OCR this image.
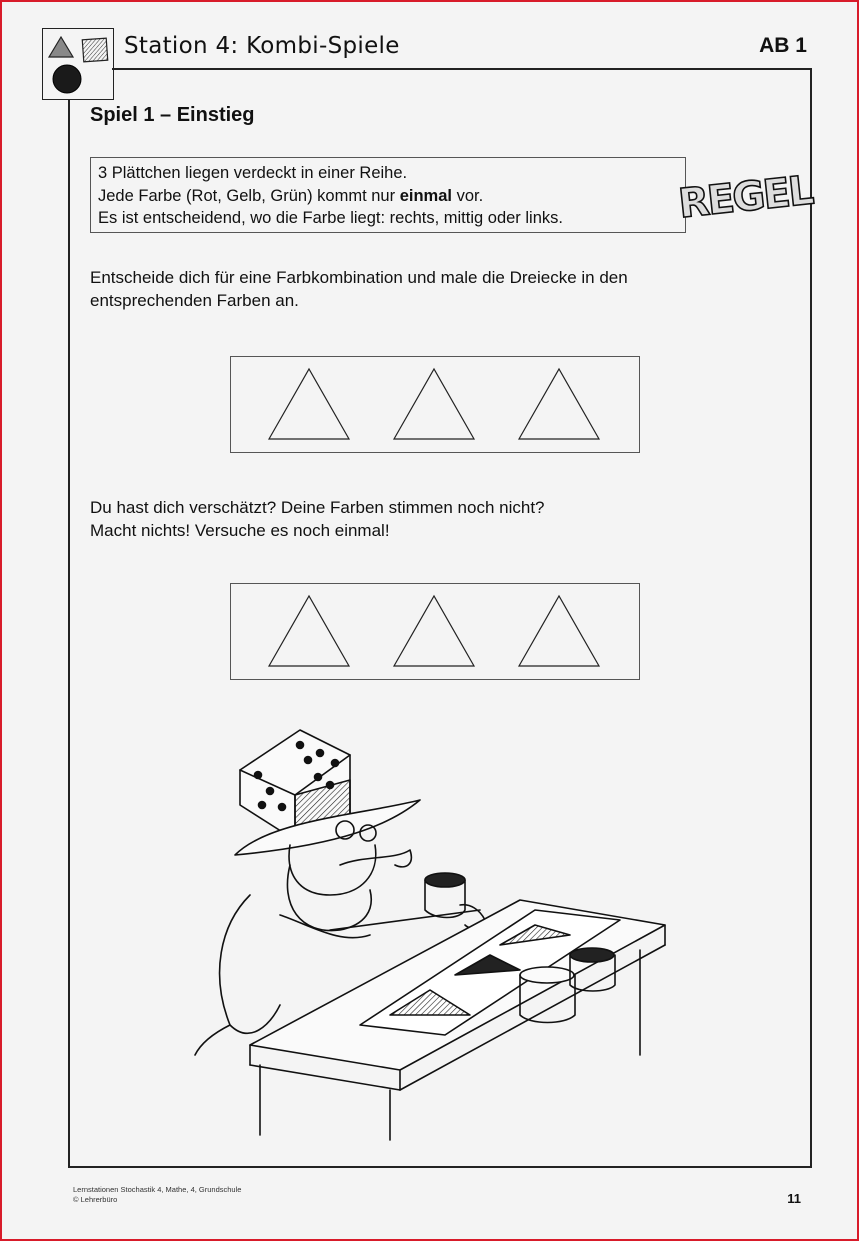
Station 4: Kombi-Spiele	AB 1
Spiel 1 – Einstieg
3 Plättchen liegen verdeckt in einer Reihe.
Jede Farbe (Rot, Gelb, Grün) kommt nur einmal vor.
Es ist entscheidend, wo die Farbe liegt: rechts, mittig oder links.	REGEL
Entscheide dich für eine Farbkombination und male die Dreiecke in den
entsprechenden Farben an.
Du hast dich verschätzt? Deine Farben stimmen noch nicht?
Macht nichts! Versuche es noch einmal!
Lernstationen Stochastik 4, Mathe, 4, Grundschule
© Lehrerbüro	11
